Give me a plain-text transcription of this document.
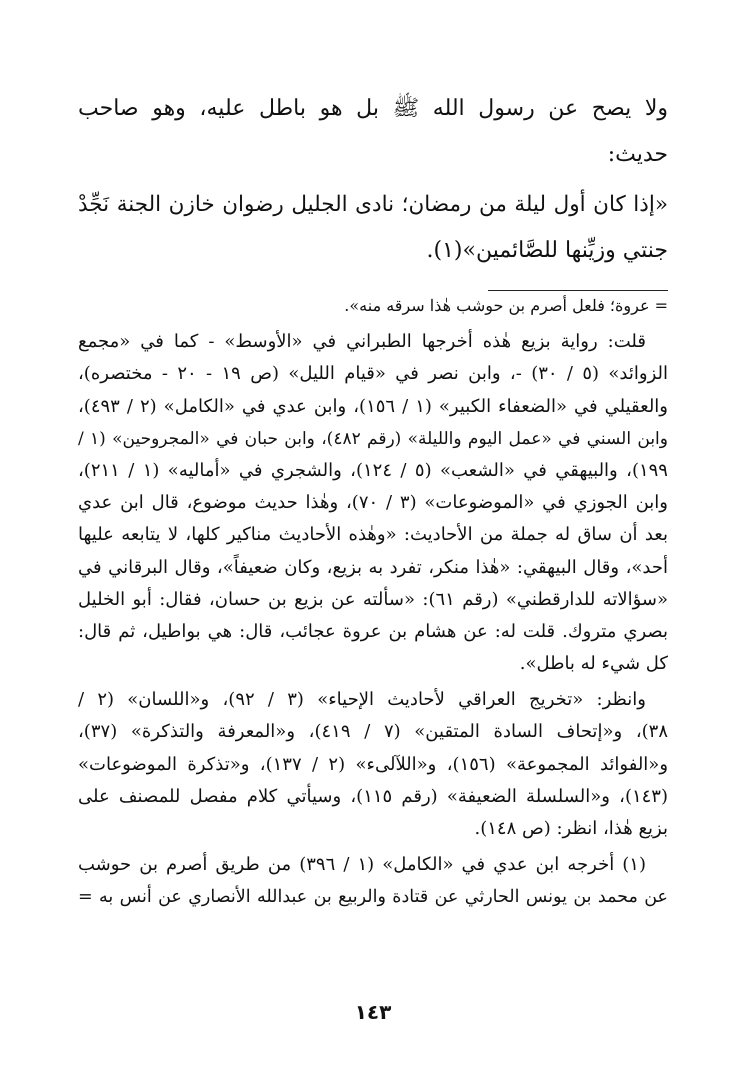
ولا يصح عن رسول الله ﷺ بل هو باطل عليه، وهو صاحب
حديث:
«إذا كان أول ليلة من رمضان؛ نادى الجليل رضوان خازن الجنة نَجِّدْ
جنتي وزيِّنها للصَّائمين»(١).
= عروة؛ فلعل أصرم بن حوشب هٰذا سرقه منه».
قلت: رواية بزيع هٰذه أخرجها الطبراني في «الأوسط» - كما في «مجمع
الزوائد» (٥ / ٣٠) -، وابن نصر في «قيام الليل» (ص ١٩ - ٢٠ - مختصره)،
والعقيلي في «الضعفاء الكبير» (١ / ١٥٦)، وابن عدي في «الكامل» (٢ / ٤٩٣)،
وابن السني في «عمل اليوم والليلة» (رقم ٤٨٢)، وابن حبان في «المجروحين» (١ /
١٩٩)، والبيهقي في «الشعب» (٥ / ١٢٤)، والشجري في «أماليه» (١ / ٢١١)،
وابن الجوزي في «الموضوعات» (٣ / ٧٠)، وهٰذا حديث موضوع، قال ابن عدي
بعد أن ساق له جملة من الأحاديث: «وهٰذه الأحاديث مناكير كلها، لا يتابعه عليها
أحد»، وقال البيهقي: «هٰذا منكر، تفرد به بزيع، وكان ضعيفاً»، وقال البرقاني في
«سؤالاته للدارقطني» (رقم ٦١): «سألته عن بزيع بن حسان، فقال: أبو الخليل
بصري متروك. قلت له: عن هشام بن عروة عجائب، قال: هي بواطيل، ثم قال:
كل شيء له باطل».
وانظر: «تخريج العراقي لأحاديث الإحياء» (٣ / ٩٢)، و«اللسان» (٢ /
٣٨)، و«إتحاف السادة المتقين» (٧ / ٤١٩)، و«المعرفة والتذكرة» (٣٧)،
و«الفوائد المجموعة» (١٥٦)، و«اللآلىء» (٢ / ١٣٧)، و«تذكرة الموضوعات»
(١٤٣)، و«السلسلة الضعيفة» (رقم ١١٥)، وسيأتي كلام مفصل للمصنف على
بزيع هٰذا، انظر: (ص ١٤٨).
(١) أخرجه ابن عدي في «الكامل» (١ / ٣٩٦) من طريق أصرم بن حوشب
عن محمد بن يونس الحارثي عن قتادة والربيع بن عبدالله الأنصاري عن أنس به =
١٤٣
